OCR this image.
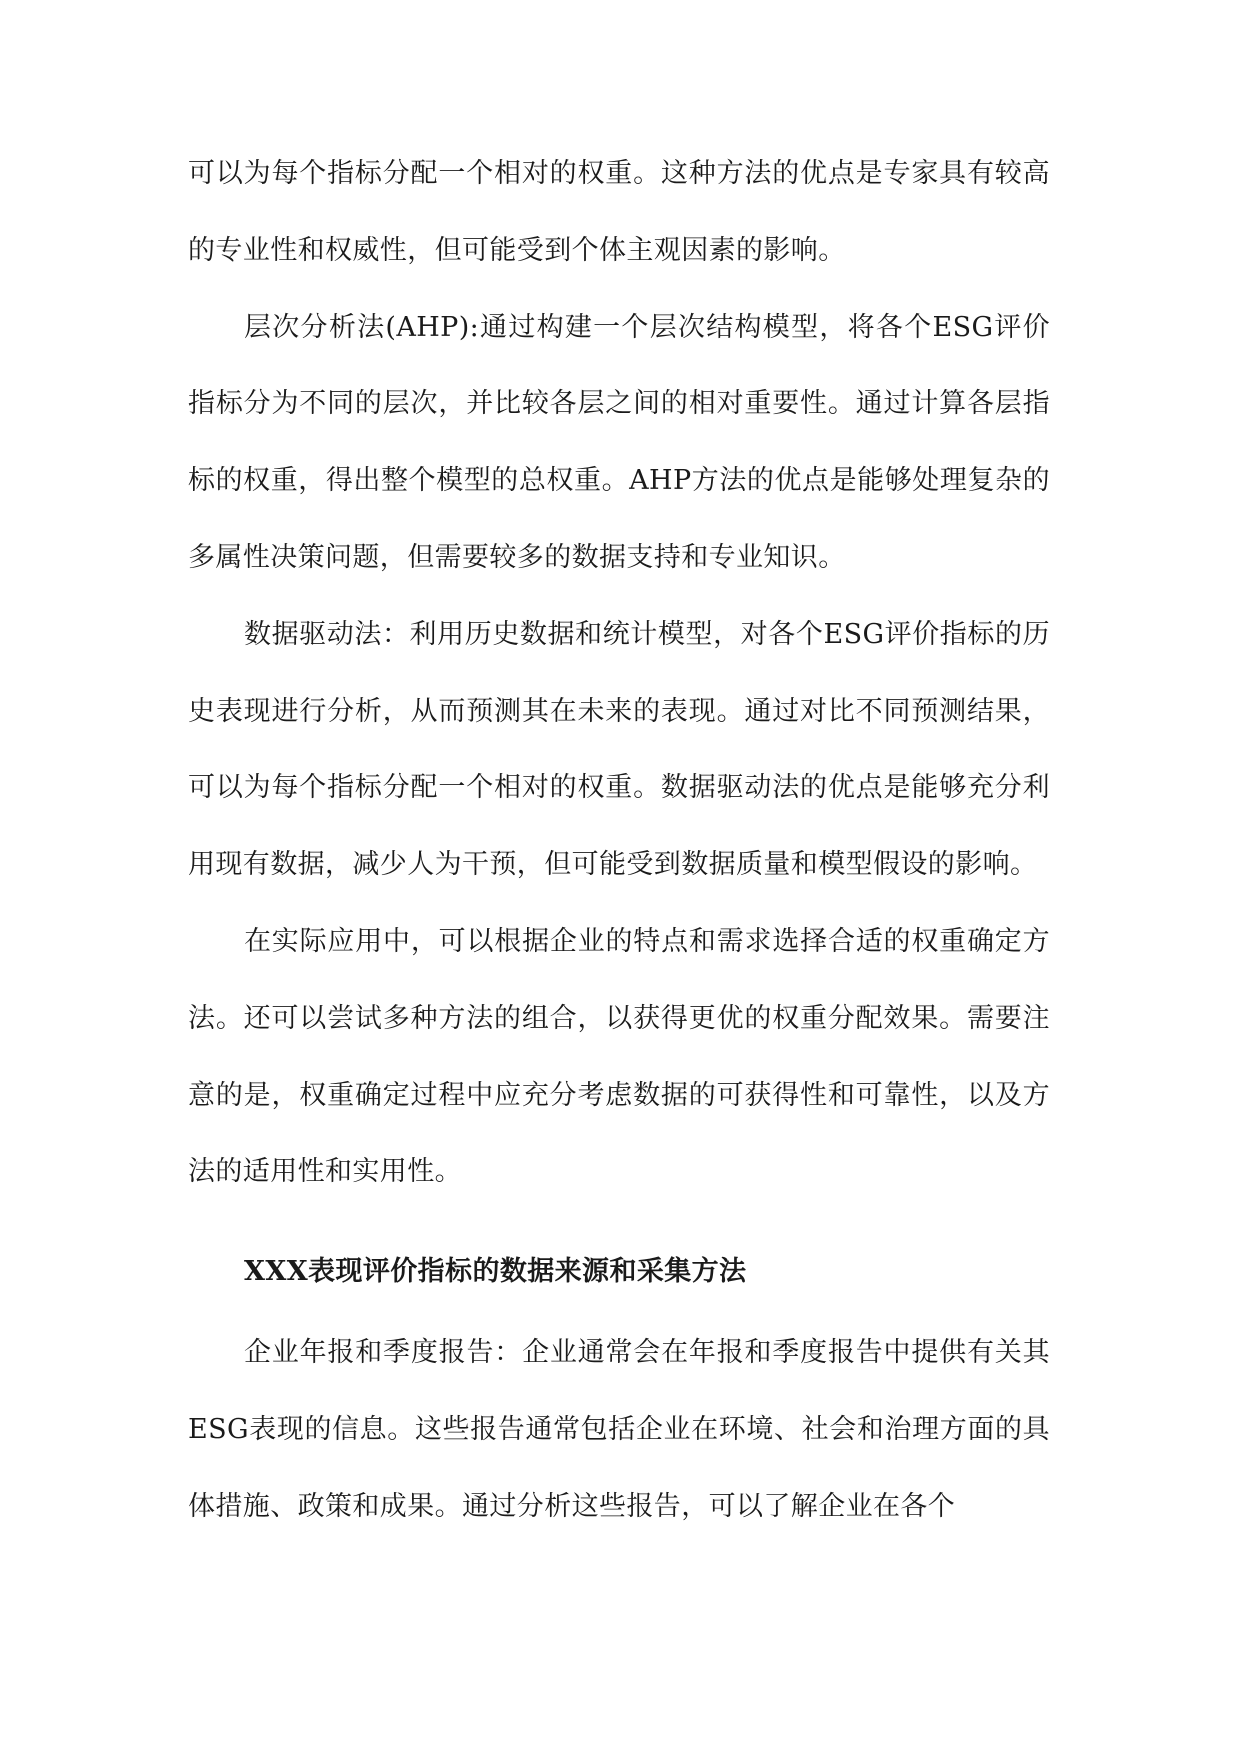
可以为每个指标分配一个相对的权重。这种方法的优点是专家具有较高的专业性和权威性，但可能受到个体主观因素的影响。

层次分析法(AHP):通过构建一个层次结构模型，将各个ESG评价指标分为不同的层次，并比较各层之间的相对重要性。通过计算各层指标的权重，得出整个模型的总权重。AHP方法的优点是能够处理复杂的多属性决策问题，但需要较多的数据支持和专业知识。

数据驱动法：利用历史数据和统计模型，对各个ESG评价指标的历史表现进行分析，从而预测其在未来的表现。通过对比不同预测结果，可以为每个指标分配一个相对的权重。数据驱动法的优点是能够充分利用现有数据，减少人为干预，但可能受到数据质量和模型假设的影响。

在实际应用中，可以根据企业的特点和需求选择合适的权重确定方法。还可以尝试多种方法的组合，以获得更优的权重分配效果。需要注意的是，权重确定过程中应充分考虑数据的可获得性和可靠性，以及方法的适用性和实用性。

XXX表现评价指标的数据来源和采集方法

企业年报和季度报告：企业通常会在年报和季度报告中提供有关其ESG表现的信息。这些报告通常包括企业在环境、社会和治理方面的具体措施、政策和成果。通过分析这些报告，可以了解企业在各个
